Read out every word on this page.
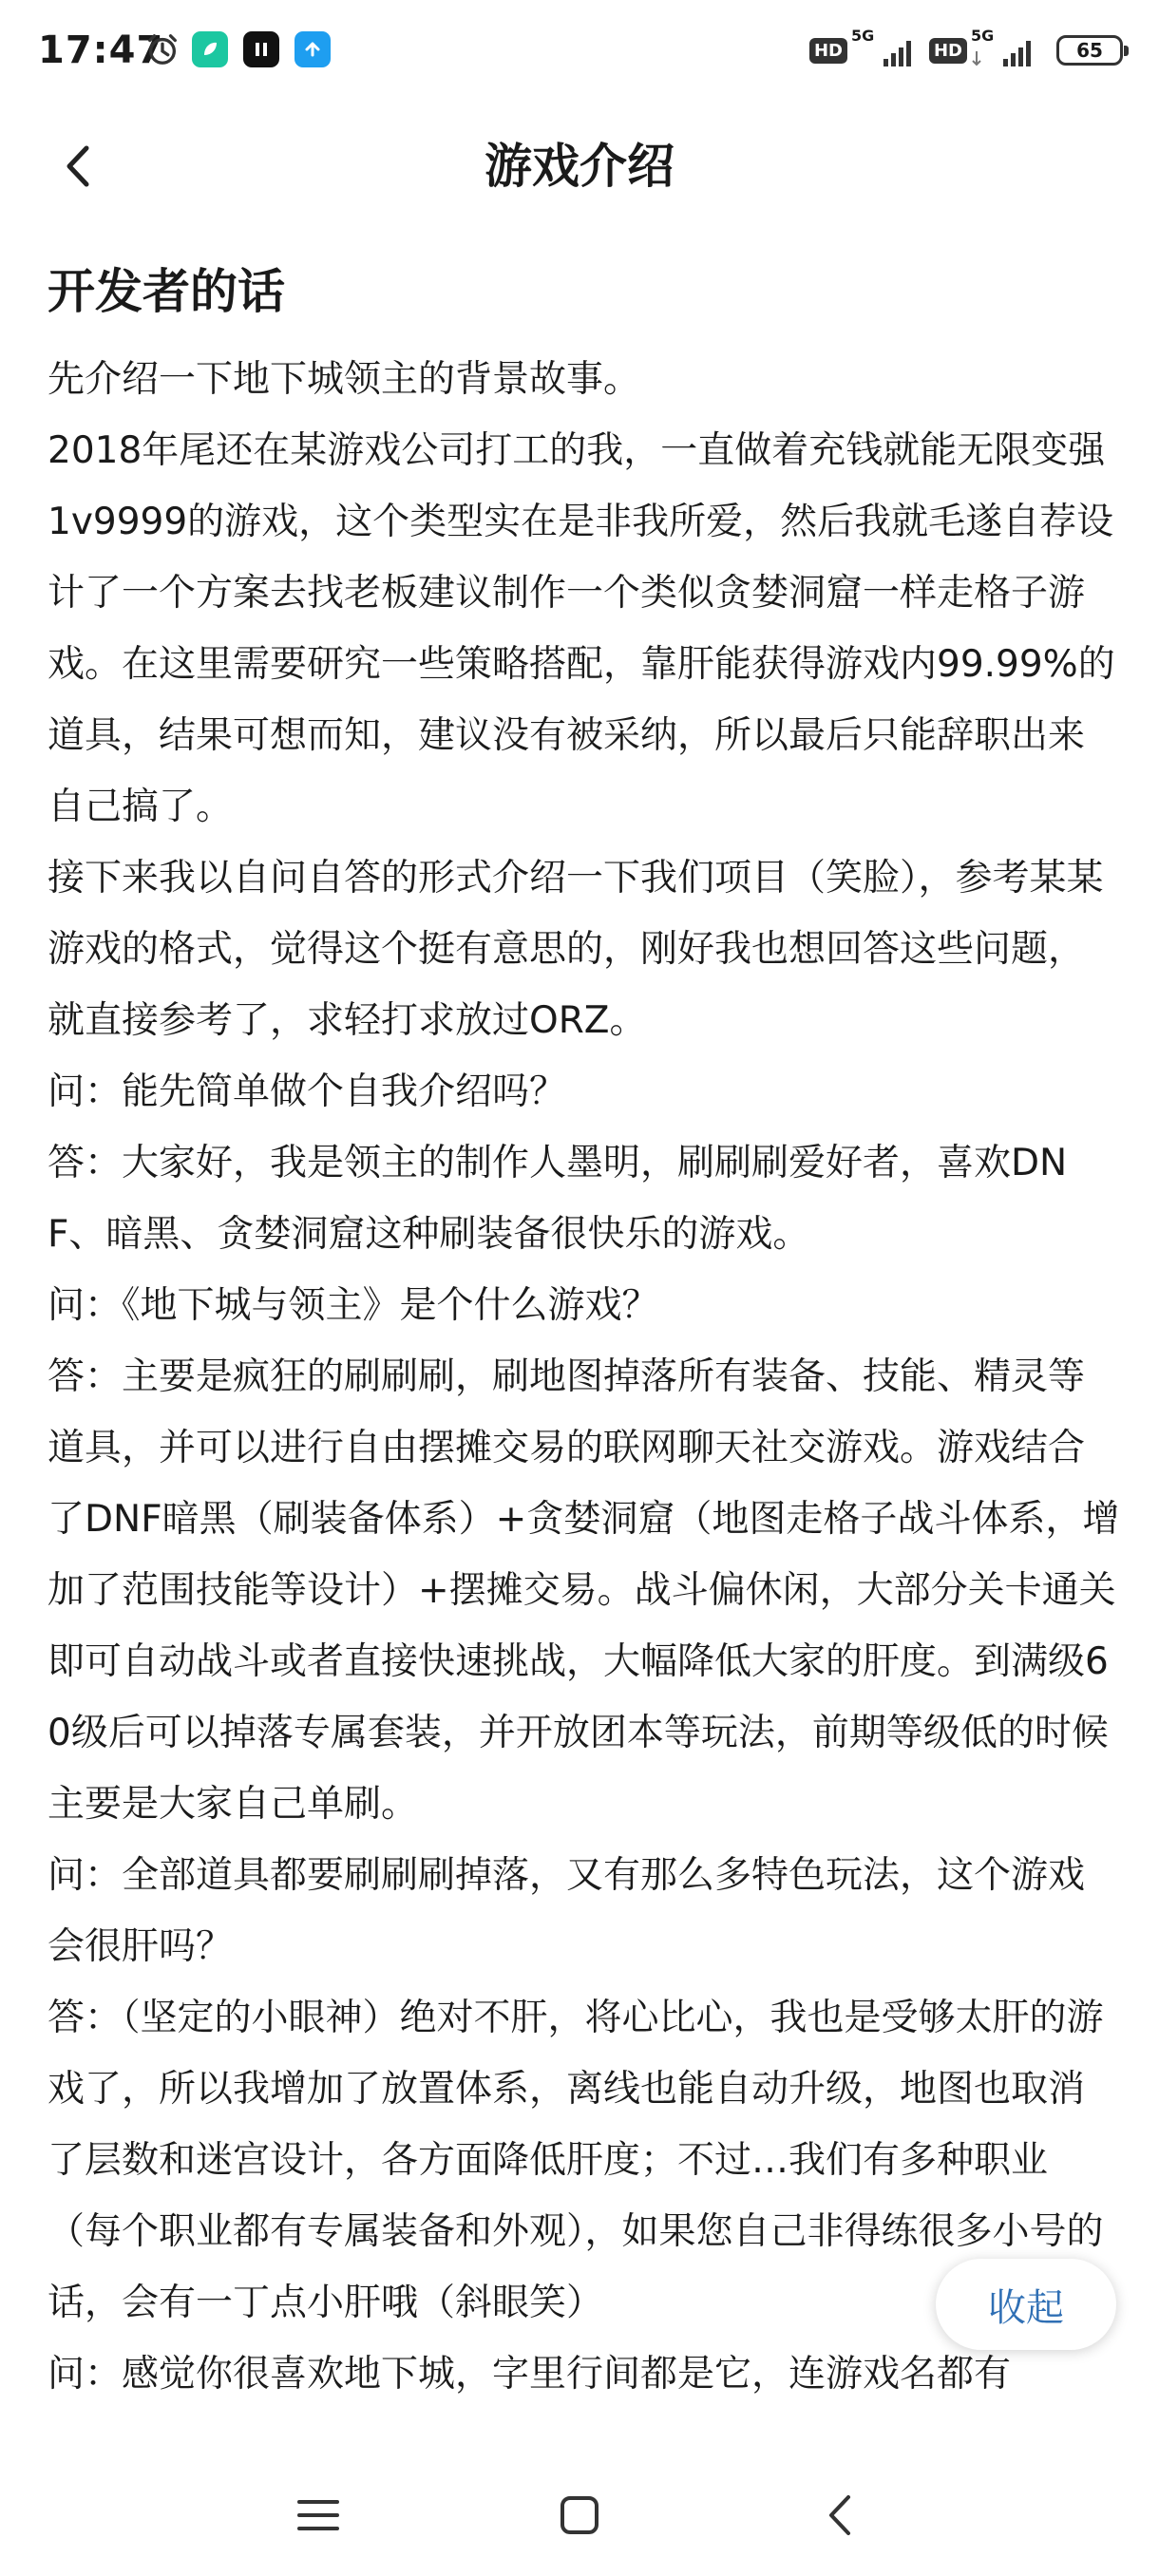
17:47	HD
5G
HD
5G
65
游戏介绍
开发者的话

先介绍一下地下城领主的背景故事。

2018年尾还在某游戏公司打工的我，一直做着充钱就能无限变强1v9999的游戏，这个类型实在是非我所爱，然后我就毛遂自荐设计了一个方案去找老板建议制作一个类似贪婪洞窟一样走格子游戏。在这里需要研究一些策略搭配，靠肝能获得游戏内99.99%的道具，结果可想而知，建议没有被采纳，所以最后只能辞职出来自己搞了。

接下来我以自问自答的形式介绍一下我们项目（笑脸），参考某某游戏的格式，觉得这个挺有意思的，刚好我也想回答这些问题，就直接参考了，求轻打求放过ORZ。

问：能先简单做个自我介绍吗？

答：大家好，我是领主的制作人墨明，刷刷刷爱好者，喜欢DNF、暗黑、贪婪洞窟这种刷装备很快乐的游戏。

问：《地下城与领主》是个什么游戏？

答：主要是疯狂的刷刷刷，刷地图掉落所有装备、技能、精灵等道具，并可以进行自由摆摊交易的联网聊天社交游戏。游戏结合了DNF暗黑（刷装备体系）+贪婪洞窟（地图走格子战斗体系，增加了范围技能等设计）+摆摊交易。战斗偏休闲，大部分关卡通关即可自动战斗或者直接快速挑战，大幅降低大家的肝度。到满级60级后可以掉落专属套装，并开放团本等玩法，前期等级低的时候主要是大家自己单刷。

问：全部道具都要刷刷刷掉落，又有那么多特色玩法，这个游戏会很肝吗？

答：（坚定的小眼神）绝对不肝，将心比心，我也是受够太肝的游戏了，所以我增加了放置体系，离线也能自动升级，地图也取消了层数和迷宫设计，各方面降低肝度；不过…我们有多种职业（每个职业都有专属装备和外观），如果您自己非得练很多小号的话，会有一丁点小肝哦（斜眼笑）

问：感觉你很喜欢地下城，字里行间都是它，连游戏名都有

收起
